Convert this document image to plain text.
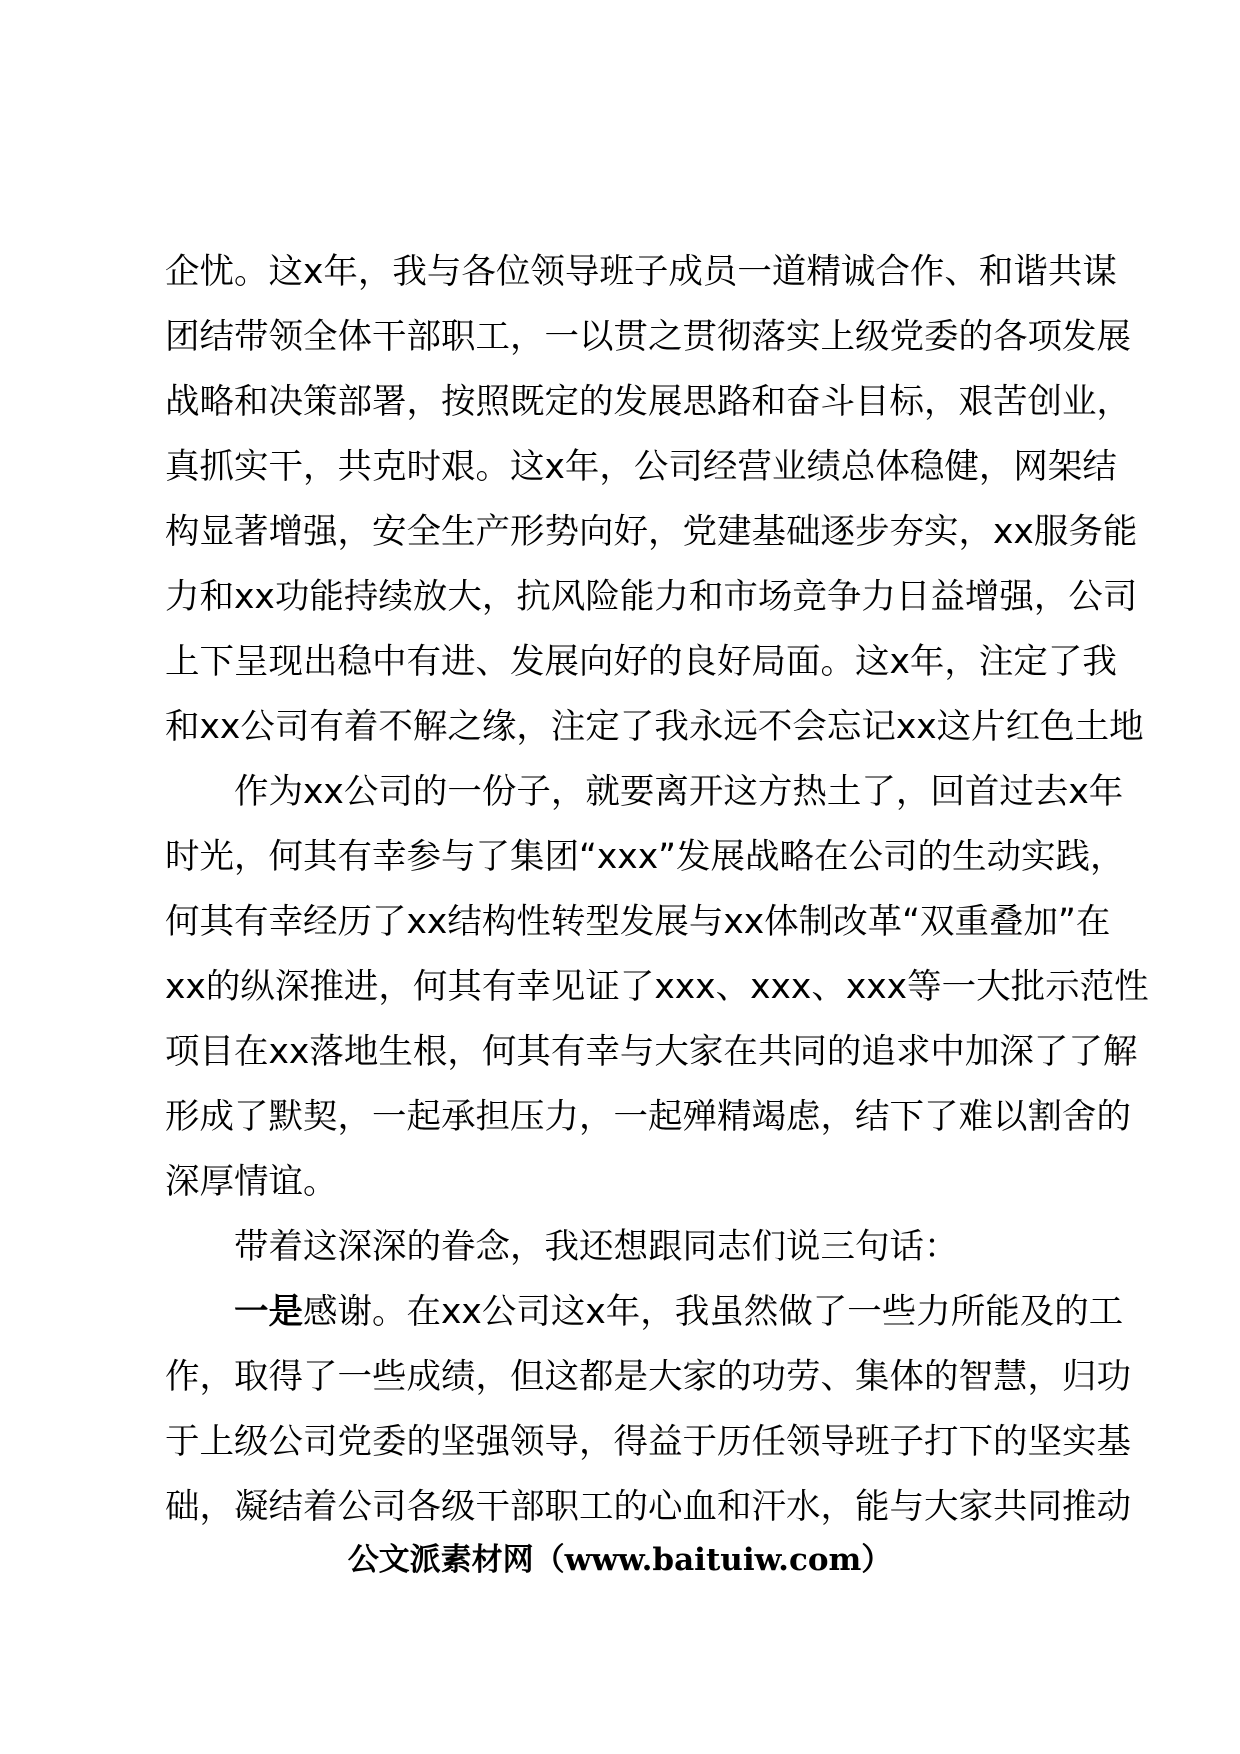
企忧。这x年，我与各位领导班子成员一道精诚合作、和谐共谋
团结带领全体干部职工，一以贯之贯彻落实上级党委的各项发展
战略和决策部署，按照既定的发展思路和奋斗目标，艰苦创业，
真抓实干，共克时艰。这x年，公司经营业绩总体稳健，网架结
构显著增强，安全生产形势向好，党建基础逐步夯实，xx服务能
力和xx功能持续放大，抗风险能力和市场竞争力日益增强，公司
上下呈现出稳中有进、发展向好的良好局面。这x年，注定了我
和xx公司有着不解之缘，注定了我永远不会忘记xx这片红色土地
作为xx公司的一份子，就要离开这方热土了，回首过去x年
时光，何其有幸参与了集团“xxx”发展战略在公司的生动实践，
何其有幸经历了xx结构性转型发展与xx体制改革“双重叠加”在
xx的纵深推进，何其有幸见证了xxx、xxx、xxx等一大批示范性
项目在xx落地生根，何其有幸与大家在共同的追求中加深了了解
形成了默契，一起承担压力，一起殚精竭虑，结下了难以割舍的
深厚情谊。
带着这深深的眷念，我还想跟同志们说三句话：
一是感谢。在xx公司这x年，我虽然做了一些力所能及的工
作，取得了一些成绩，但这都是大家的功劳、集体的智慧，归功
于上级公司党委的坚强领导，得益于历任领导班子打下的坚实基
础，凝结着公司各级干部职工的心血和汗水，能与大家共同推动
公文派素材网（www.baituiw.com）
